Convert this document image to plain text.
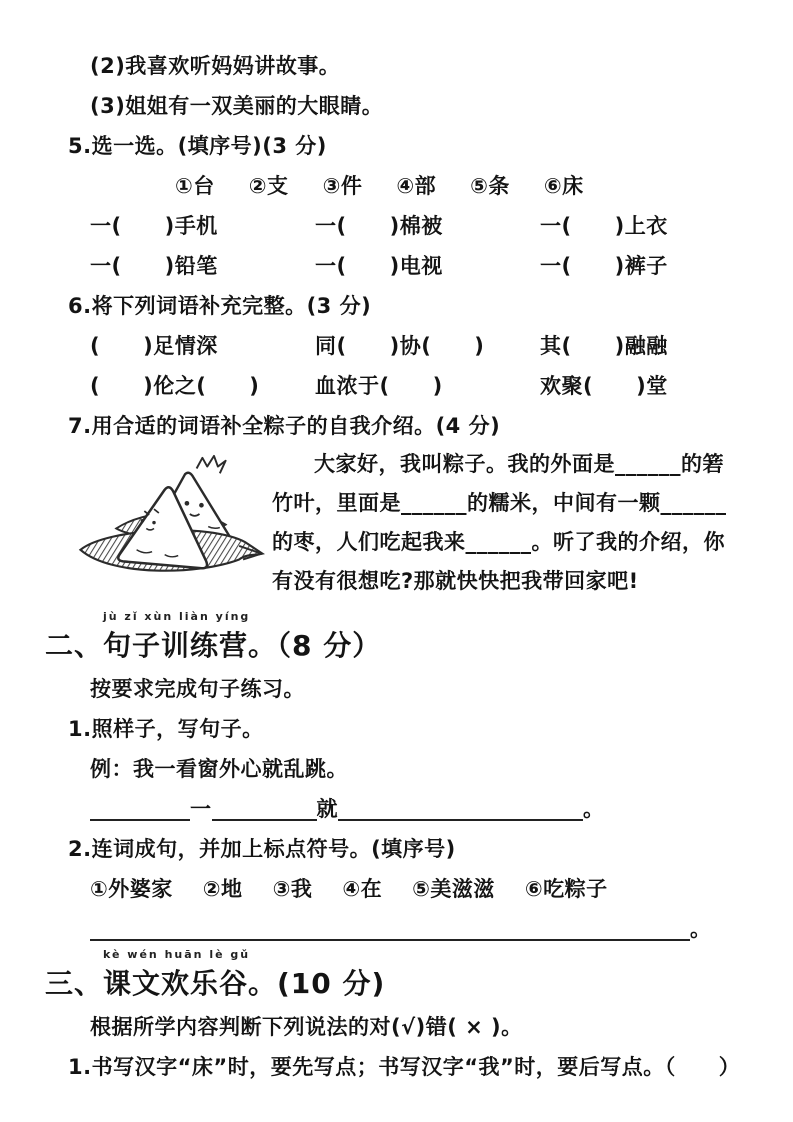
(2)我喜欢听妈妈讲故事。
(3)姐姐有一双美丽的大眼睛。
5.选一选。(填序号)(3 分)
①台 ②支 ③件 ④部 ⑤条 ⑥床
一(　　)手机	一(　　)棉被	一(　　)上衣
一(　　)铅笔	一(　　)电视	一(　　)裤子
6.将下列词语补充完整。(3 分)
(　　)足情深	同(　　)协(　　)	其(　　)融融
(　　)伦之(　　)	血浓于(　　)	欢聚(　　)堂
7.用合适的词语补全粽子的自我介绍。(4 分)
大家好，我叫粽子。我的外面是______的箬
竹叶，里面是______的糯米，中间有一颗______
的枣，人们吃起我来______。听了我的介绍，你
有没有很想吃?那就快快把我带回家吧!
jù zǐ xùn liàn yíng
二、句子训练营。（8 分）
按要求完成句子练习。
1.照样子，写句子。
例：我一看窗外心就乱跳。
一	就	。
2.连词成句，并加上标点符号。(填序号)
①外婆家 ②地 ③我 ④在 ⑤美滋滋 ⑥吃粽子
。
kè wén huān lè gǔ
三、课文欢乐谷。(10 分)
根据所学内容判断下列说法的对(√)错( × )。
1.书写汉字“床”时，要先写点；书写汉字“我”时，要后写点。（　　）
